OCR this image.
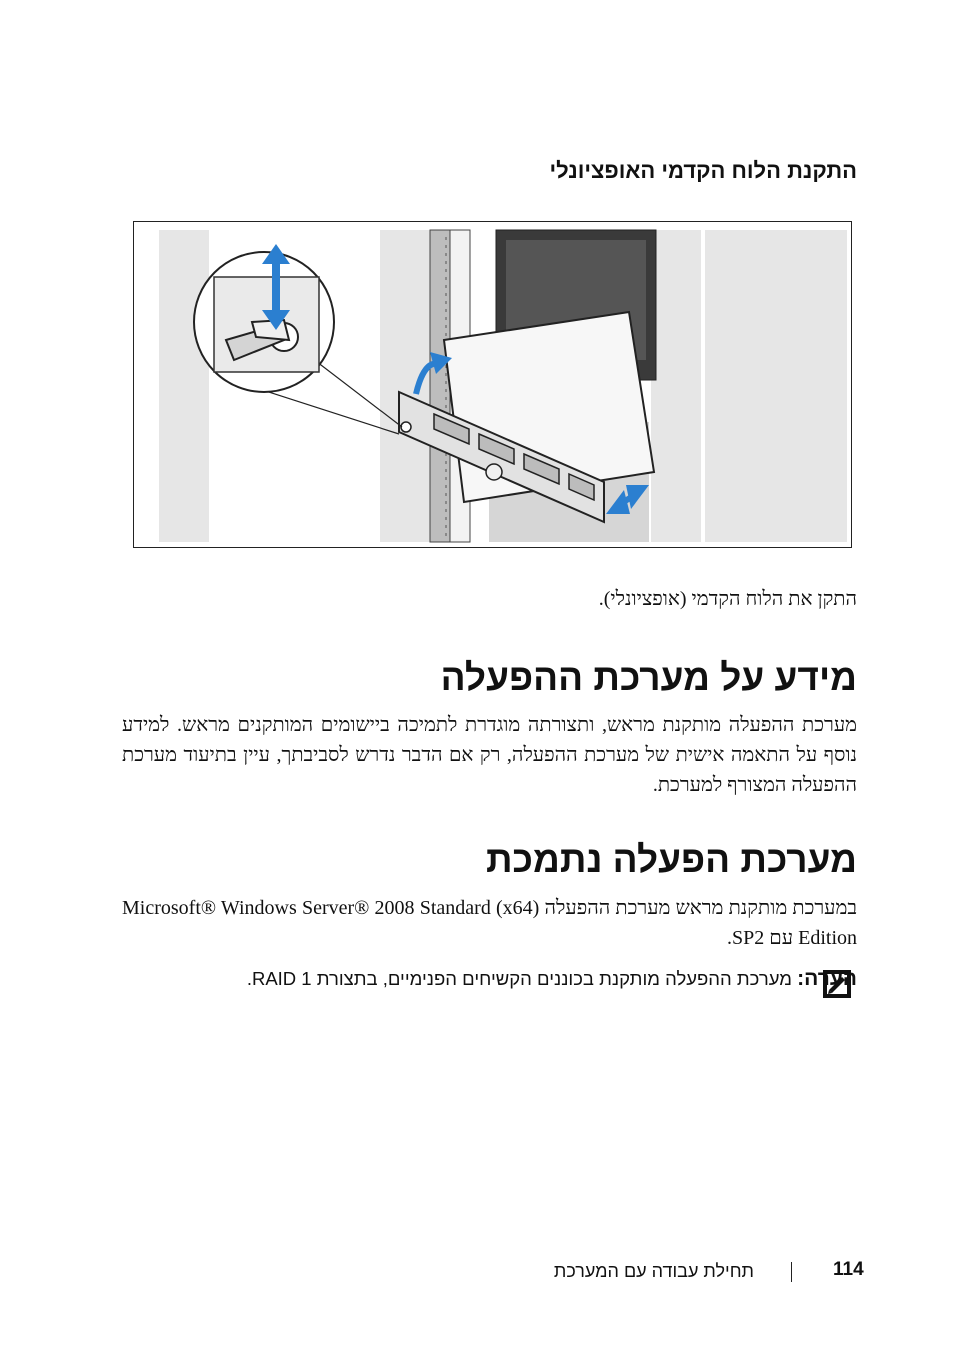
התקנת הלוח הקדמי האופציונלי
התקן את הלוח הקדמי (אופציונלי).
מידע על מערכת ההפעלה
מערכת ההפעלה מותקנת מראש, ותצורתה מוגדרת לתמיכה ביישומים המותקנים מראש. למידע נוסף על התאמה אישית של מערכת ההפעלה, רק אם הדבר נדרש לסביבתך, עיין בתיעוד מערכת ההפעלה המצורף למערכת.
מערכת הפעלה נתמכת
במערכת מותקנת מראש מערכת ההפעלה Microsoft® Windows Server® 2008 Standard (x64) Edition עם SP2.
הערה: מערכת ההפעלה מותקנת בכוננים הקשיחים הפנימיים, בתצורת RAID 1.
תחילת עבודה עם המערכת	114
